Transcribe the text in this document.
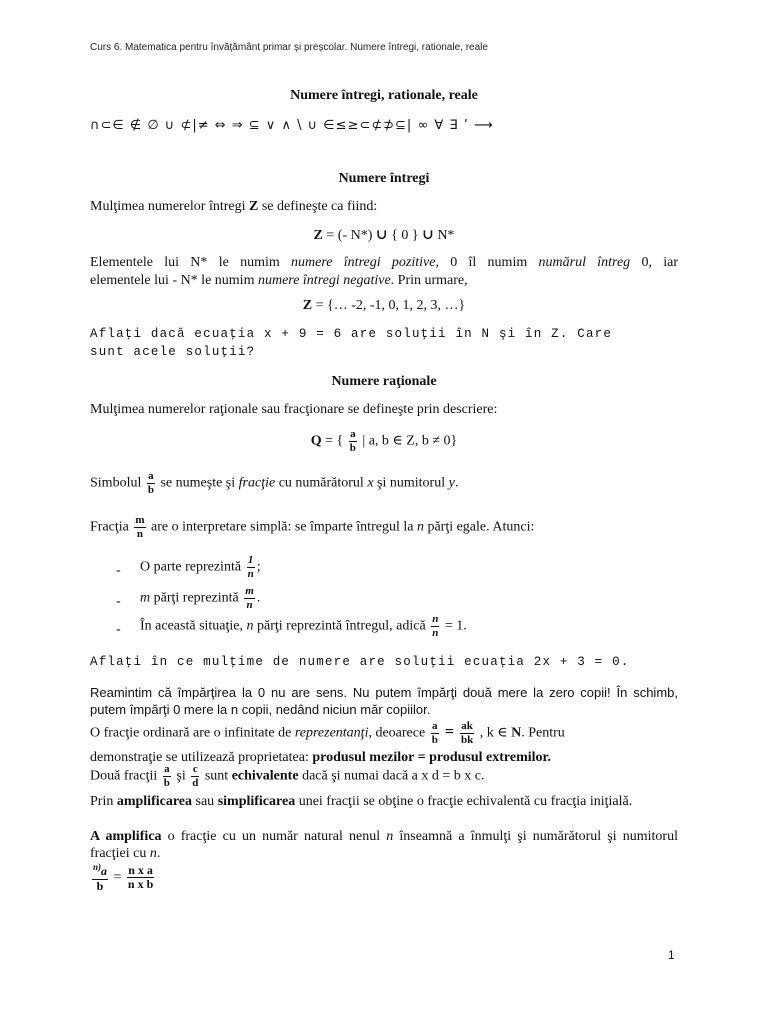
Curs 6. Matematica pentru învățământ primar și preșcolar. Numere întregi, rationale, reale
Numere întregi, rationale, reale
∩⊂∈ ∉ ∅ ∪ ⊄|≠ ⇔ ⇒ ⊆ ∨ ∧ \ ∪ ∈≤≥⊂⊄⊅⊆| ∞ ∀ ∃ ’ ⟶
Numere întregi
Mulţimea numerelor întregi Z se defineşte ca fiind:
Z = (- N*) ∪ { 0 } ∪ N*
Elementele lui N* le numim numere întregi pozitive, 0 îl numim numărul întreg 0, iar
elementele lui - N* le numim numere întregi negative. Prin urmare,
Z = {… -2, -1, 0, 1, 2, 3, …}
Aflaţi dacă ecuaţia x + 9 = 6 are soluţii în N şi în Z. Care
sunt acele soluţii?
Numere raţionale
Mulţimea numerelor raţionale sau fracţionare se defineşte prin descriere:
Q = { $\frac{a}{b}$ | a, b ∈ Z, b ≠ 0}
Simbolul $\frac{a}{b}$ se numeşte şi fracţie cu numărătorul x şi numitorul y.
Fracţia $\frac{m}{n}$ are o interpretare simplă: se împarte întregul la n părţi egale. Atunci:
- O parte reprezintă $\frac{1}{n}$ ;
- m părţi reprezintă $\frac{m}{n}$ .
- În această situaţie, n părţi reprezintă întregul, adică $\frac{n}{n} = 1$.
Aflaţi în ce mulţime de numere are soluţii ecuaţia 2x + 3 = 0.
Reamintim că împărţirea la 0 nu are sens. Nu putem împărţi două mere la zero copii! În schimb, putem împărţi 0 mere la n copii, nedând niciun măr copiilor.
O fracţie ordinară are o infinitate de reprezentanţi, deoarece $\frac{a}{b} = \frac{ak}{bk}$ , k ∈ N. Pentru
demonstraţie se utilizează proprietatea: produsul mezilor = produsul extremilor.
Două fracţii $\frac{a}{b}$ şi $\frac{c}{d}$ sunt echivalente dacă şi numai dacă a x d = b x c.
Prin amplificarea sau simplificarea unei fracţii se obţine o fracţie echivalentă cu fracţia iniţială.
A amplifica o fracţie cu un număr natural nenul n înseamnă a înmulţi şi numărătorul şi numitorul fracţiei cu n.
$\frac{^{n)}a}{b} = \frac{\text{n x a}}{\text{n x b}}$
1
